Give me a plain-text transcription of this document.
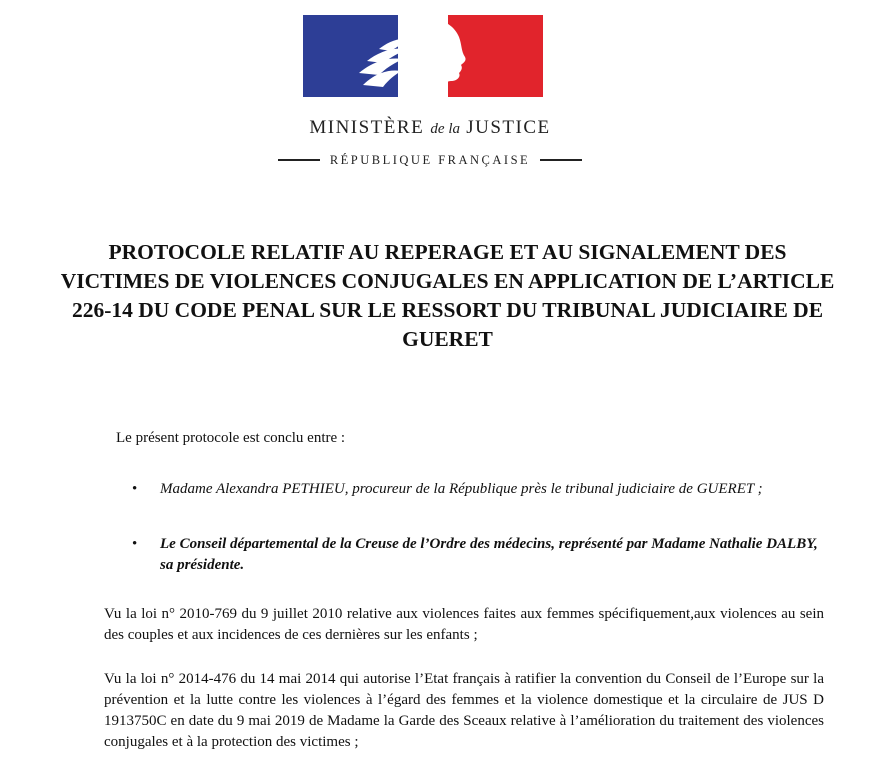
MINISTÈRE de la JUSTICE
RÉPUBLIQUE FRANÇAISE
PROTOCOLE RELATIF AU REPERAGE ET AU SIGNALEMENT DES VICTIMES DE VIOLENCES CONJUGALES EN APPLICATION DE L’ARTICLE 226-14 DU CODE PENAL SUR LE RESSORT DU TRIBUNAL JUDICIAIRE DE GUERET
Le présent protocole est conclu entre :
• Madame Alexandra PETHIEU, procureur de la République près le tribunal judiciaire de GUERET ;
• Le Conseil départemental de la Creuse de l’Ordre des médecins, représenté par Madame Nathalie DALBY, sa présidente.
Vu la loi n° 2010-769 du 9 juillet 2010 relative aux violences faites aux femmes spécifiquement,aux violences au sein des couples et aux incidences de ces dernières sur les enfants ;
Vu la loi n° 2014-476 du 14 mai 2014 qui autorise l’Etat français à ratifier la convention du Conseil de l’Europe sur la prévention et la lutte contre les violences à l’égard des femmes et la violence domestique et la circulaire de JUS D 1913750C en date du 9 mai 2019 de Madame la Garde des Sceaux relative à l’amélioration du traitement des violences conjugales et à la protection des victimes ;
